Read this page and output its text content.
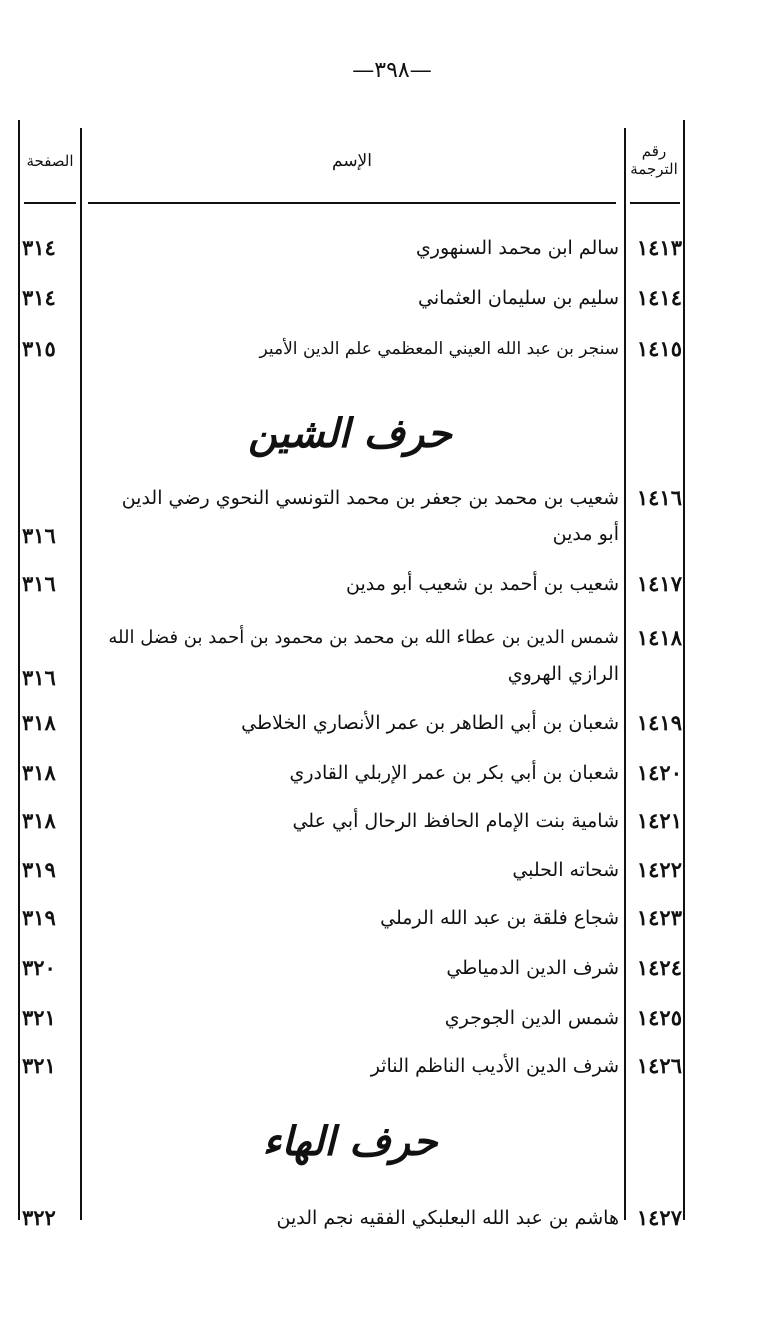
—٣٩٨—
رقم
الترجمة
الإسم
الصفحة
١٤١٣
سالم ابن محمد السنهوري
٣١٤
١٤١٤
سليم بن سليمان العثماني
٣١٤
١٤١٥
سنجر بن عبد الله العيني المعظمي علم الدين الأمير
٣١٥
حرف الشين
١٤١٦
شعيب بن محمد بن جعفر بن محمد التونسي النحوي رضي الدين
أبو مدين
٣١٦
١٤١٧
شعيب بن أحمد بن شعيب أبو مدين
٣١٦
١٤١٨
شمس الدين بن عطاء الله بن محمد بن محمود بن أحمد بن فضل الله
الرازي الهروي
٣١٦
١٤١٩
شعبان بن أبي الطاهر بن عمر الأنصاري الخلاطي
٣١٨
١٤٢٠
شعبان بن أبي بكر بن عمر الإربلي القادري
٣١٨
١٤٢١
شامية بنت الإمام الحافظ الرحال أبي علي
٣١٨
١٤٢٢
شحاته الحلبي
٣١٩
١٤٢٣
شجاع فلقة بن عبد الله الرملي
٣١٩
١٤٢٤
شرف الدين الدمياطي
٣٢٠
١٤٢٥
شمس الدين الجوجري
٣٢١
١٤٢٦
شرف الدين الأديب الناظم الناثر
٣٢١
حرف الهاء
١٤٢٧
هاشم بن عبد الله البعلبكي الفقيه نجم الدين
٣٢٢
